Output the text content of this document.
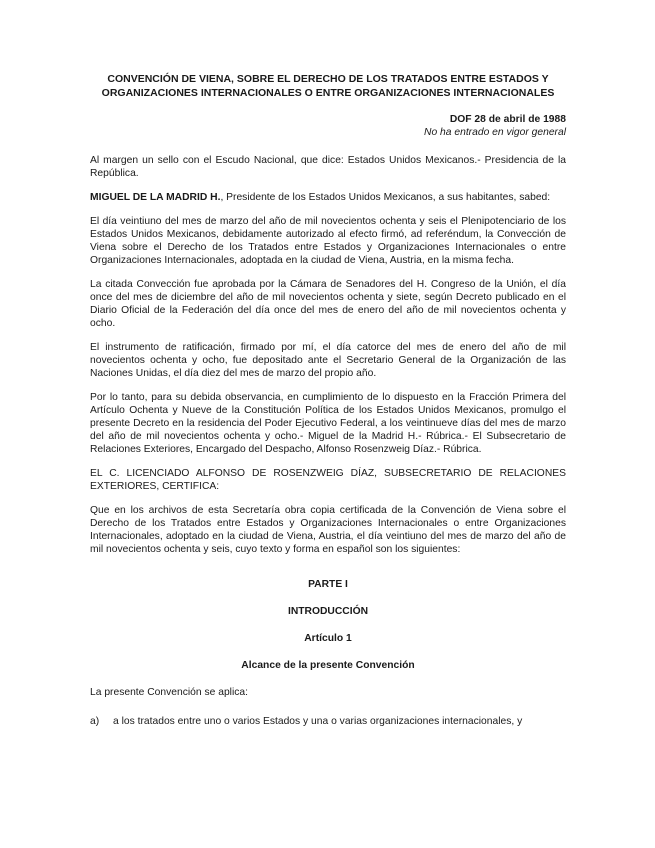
CONVENCIÓN DE VIENA, SOBRE EL DERECHO DE LOS TRATADOS ENTRE ESTADOS Y ORGANIZACIONES INTERNACIONALES O ENTRE ORGANIZACIONES INTERNACIONALES
DOF 28 de abril de 1988
No ha entrado en vigor general

Al margen un sello con el Escudo Nacional, que dice: Estados Unidos Mexicanos.- Presidencia de la República.

MIGUEL DE LA MADRID H., Presidente de los Estados Unidos Mexicanos, a sus habitantes, sabed:

El día veintiuno del mes de marzo del año de mil novecientos ochenta y seis el Plenipotenciario de los Estados Unidos Mexicanos, debidamente autorizado al efecto firmó, ad referéndum, la Convección de Viena sobre el Derecho de los Tratados entre Estados y Organizaciones Internacionales o entre Organizaciones Internacionales, adoptada en la ciudad de Viena, Austria, en la misma fecha.

La citada Convección fue aprobada por la Cámara de Senadores del H. Congreso de la Unión, el día once del mes de diciembre del año de mil novecientos ochenta y siete, según Decreto publicado en el Diario Oficial de la Federación del día once del mes de enero del año de mil novecientos ochenta y ocho.

El instrumento de ratificación, firmado por mí, el día catorce del mes de enero del año de mil novecientos ochenta y ocho, fue depositado ante el Secretario General de la Organización de las Naciones Unidas, el día diez del mes de marzo del propio año.

Por lo tanto, para su debida observancia, en cumplimiento de lo dispuesto en la Fracción Primera del Artículo Ochenta y Nueve de la Constitución Política de los Estados Unidos Mexicanos, promulgo el presente Decreto en la residencia del Poder Ejecutivo Federal, a los veintinueve días del mes de marzo del año de mil novecientos ochenta y ocho.- Miguel de la Madrid H.- Rúbrica.- El Subsecretario de Relaciones Exteriores, Encargado del Despacho, Alfonso Rosenzweig Díaz.- Rúbrica.

EL C. LICENCIADO ALFONSO DE ROSENZWEIG DÍAZ, SUBSECRETARIO DE RELACIONES EXTERIORES, CERTIFICA:

Que en los archivos de esta Secretaría obra copia certificada de la Convención de Viena sobre el Derecho de los Tratados entre Estados y Organizaciones Internacionales o entre Organizaciones Internacionales, adoptado en la ciudad de Viena, Austria, el día veintiuno del mes de marzo del año de mil novecientos ochenta y seis, cuyo texto y forma en español son los siguientes:

PARTE I
INTRODUCCIÓN
Artículo 1
Alcance de la presente Convención
La presente Convención se aplica:
a)	a los tratados entre uno o varios Estados y una o varias organizaciones internacionales, y
